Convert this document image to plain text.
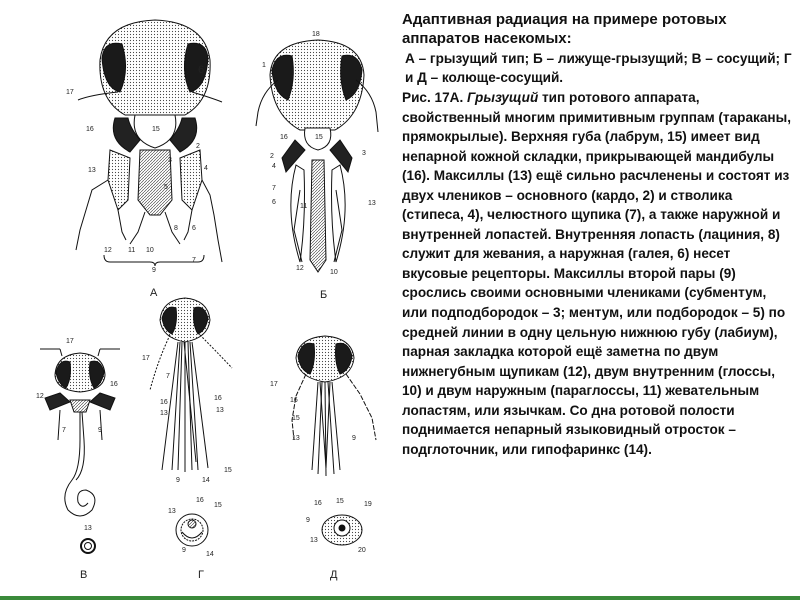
6
17
16	15	1
2
3
4
5
13
12 11 10
8 6
7
9
А
18
1
16	15
2
4
3
7
6
11	13
12
10
Б
17
16
12
7	9
13
В
17
7
16
16
13	13
9	14
15
16
15
13
9
14
Г
17
16
15
13	9
16 15	19
9
13
20
Д
Адаптивная радиация на примере ротовых аппаратов насекомых:
А – грызущий тип; Б – лижуще-грызущий; В – сосущий; Г и Д – колюще-сосущий.

Рис. 17А. Грызущий тип ротового аппарата, свойственный многим примитивным группам (тараканы, прямокрылые). Верхняя губа (лабрум, 15) имеет вид непарной кожной складки, прикрывающей мандибулы (16). Максиллы (13) ещё сильно расчленены и состоят из двух члеников – основного (кардо, 2) и стволика (стипеса, 4), челюстного щупика (7), а также наружной и внутренней лопастей. Внутренняя лопасть (лациния, 8) служит для жевания, а наружная (галея, 6) несет вкусовые рецепторы. Максиллы второй пары (9) срослись своими основными члениками (субментум, или подподбородок – 3; ментум, или подбородок – 5) по средней линии в одну цельную нижнюю губу (лабиум), парная закладка которой ещё заметна по двум нижнегубным щупикам (12), двум внутренним (глоссы, 10) и двум наружным (параглоссы, 11) жевательным лопастям, или язычкам. Со дна ротовой полости поднимается непарный языковидный отросток – подглоточник, или гипофаринкс (14).
